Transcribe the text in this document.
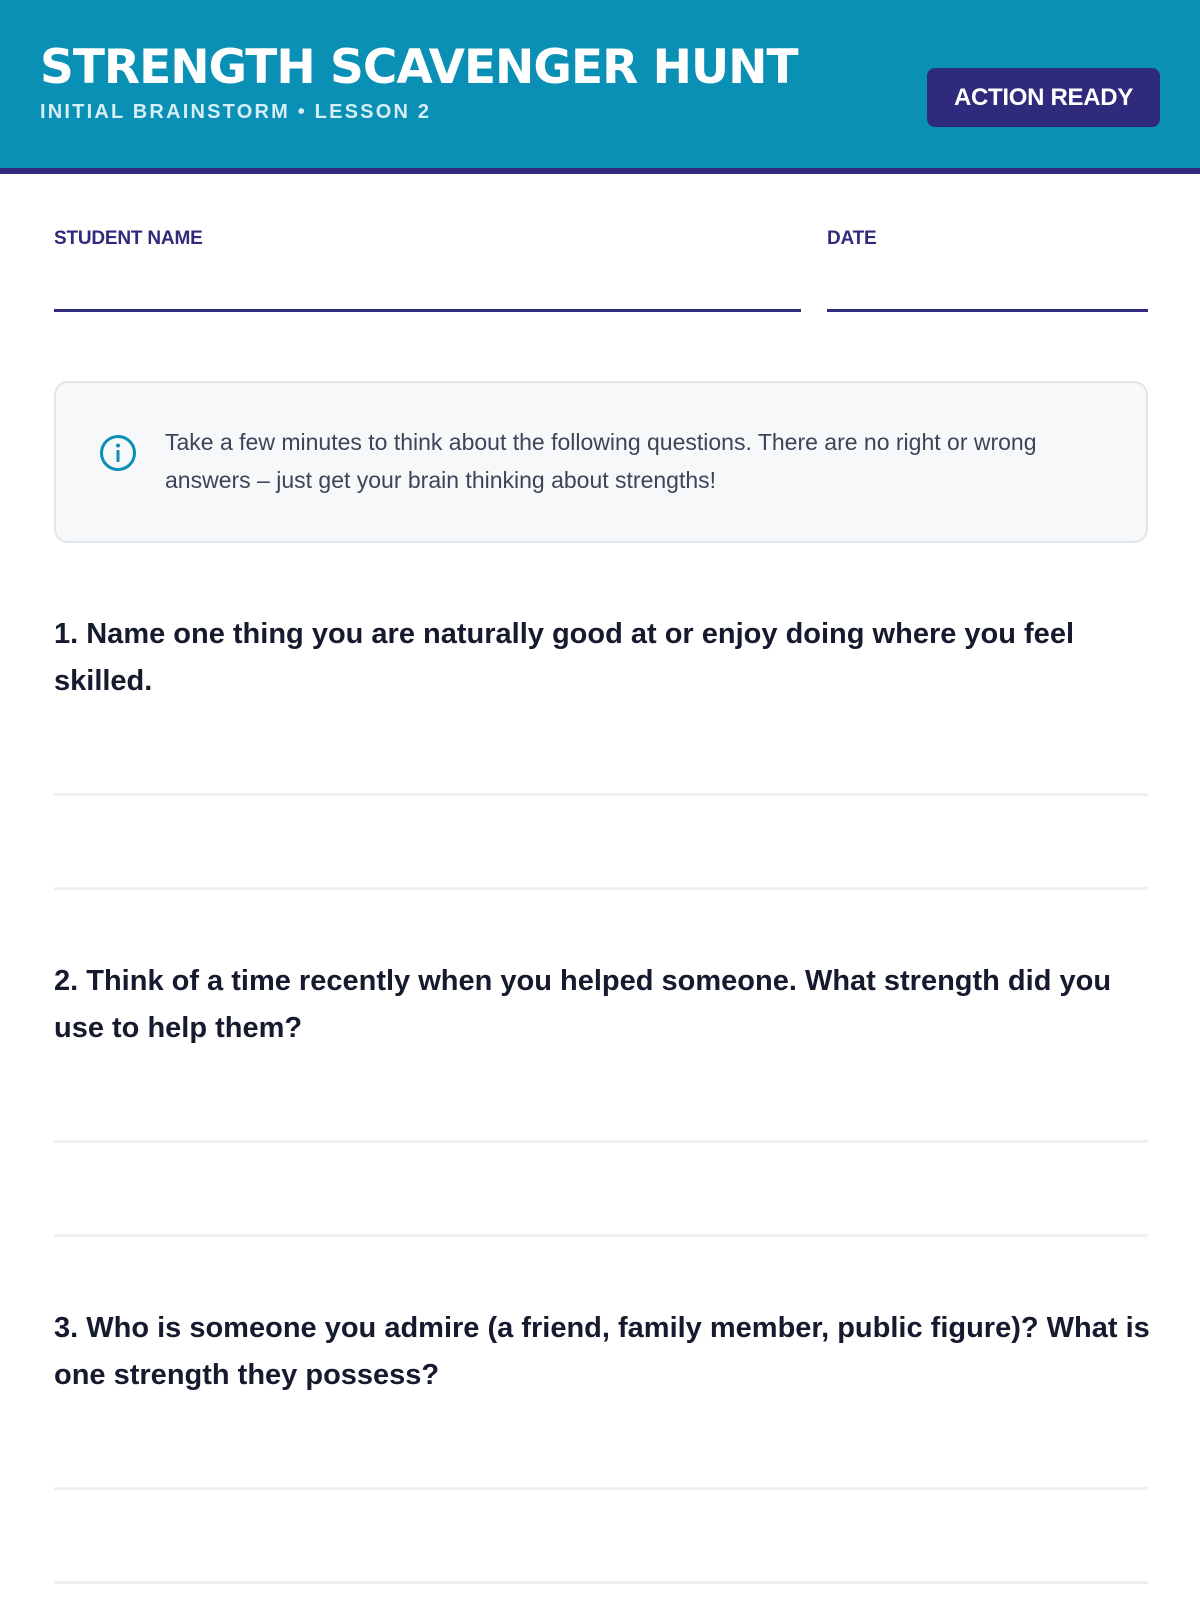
STRENGTH SCAVENGER HUNT
INITIAL BRAINSTORM • LESSON 2
ACTION READY
STUDENT NAME	DATE
Take a few minutes to think about the following questions. There are no right or wrong answers – just get your brain thinking about strengths!
1. Name one thing you are naturally good at or enjoy doing where you feel skilled.
2. Think of a time recently when you helped someone. What strength did you use to help them?
3. Who is someone you admire (a friend, family member, public figure)? What is one strength they possess?
